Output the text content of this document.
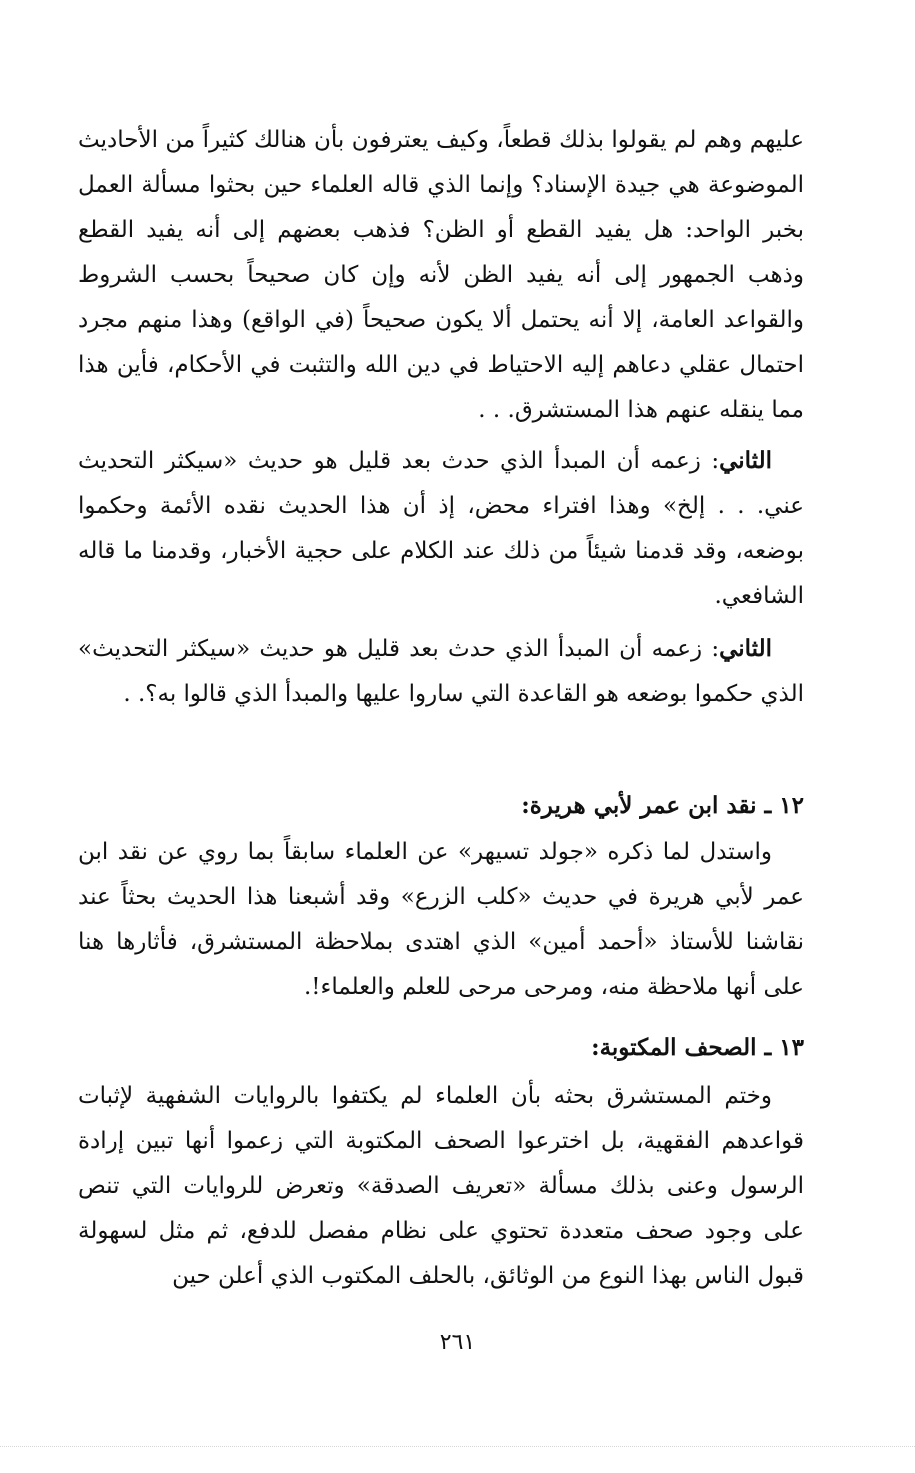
عليهم وهم لم يقولوا بذلك قطعاً، وكيف يعترفون بأن هنالك كثيراً من الأحاديث الموضوعة هي جيدة الإسناد؟ وإنما الذي قاله العلماء حين بحثوا مسألة العمل بخبر الواحد: هل يفيد القطع أو الظن؟ فذهب بعضهم إلى أنه يفيد القطع وذهب الجمهور إلى أنه يفيد الظن لأنه وإن كان صحيحاً بحسب الشروط والقواعد العامة، إلا أنه يحتمل ألا يكون صحيحاً (في الواقع) وهذا منهم مجرد احتمال عقلي دعاهم إليه الاحتياط في دين الله والتثبت في الأحكام، فأين هذا مما ينقله عنهم هذا المستشرق. . .

الثاني: زعمه أن المبدأ الذي حدث بعد قليل هو حديث «سيكثر التحديث عني. . . إلخ» وهذا افتراء محض، إذ أن هذا الحديث نقده الأئمة وحكموا بوضعه، وقد قدمنا شيئاً من ذلك عند الكلام على حجية الأخبار، وقدمنا ما قاله الشافعي.

الثاني: زعمه أن المبدأ الذي حدث بعد قليل هو حديث «سيكثر التحديث» الذي حكموا بوضعه هو القاعدة التي ساروا عليها والمبدأ الذي قالوا به؟. .

١٢ ـ نقد ابن عمر لأبي هريرة:

واستدل لما ذكره «جولد تسيهر» عن العلماء سابقاً بما روي عن نقد ابن عمر لأبي هريرة في حديث «كلب الزرع» وقد أشبعنا هذا الحديث بحثاً عند نقاشنا للأستاذ «أحمد أمين» الذي اهتدى بملاحظة المستشرق، فأثارها هنا على أنها ملاحظة منه، ومرحى مرحى للعلم والعلماء!.

١٣ ـ الصحف المكتوبة:

وختم المستشرق بحثه بأن العلماء لم يكتفوا بالروايات الشفهية لإثبات قواعدهم الفقهية، بل اخترعوا الصحف المكتوبة التي زعموا أنها تبين إرادة الرسول وعنى بذلك مسألة «تعريف الصدقة» وتعرض للروايات التي تنص على وجود صحف متعددة تحتوي على نظام مفصل للدفع، ثم مثل لسهولة قبول الناس بهذا النوع من الوثائق، بالحلف المكتوب الذي أعلن حين

٢٦١
